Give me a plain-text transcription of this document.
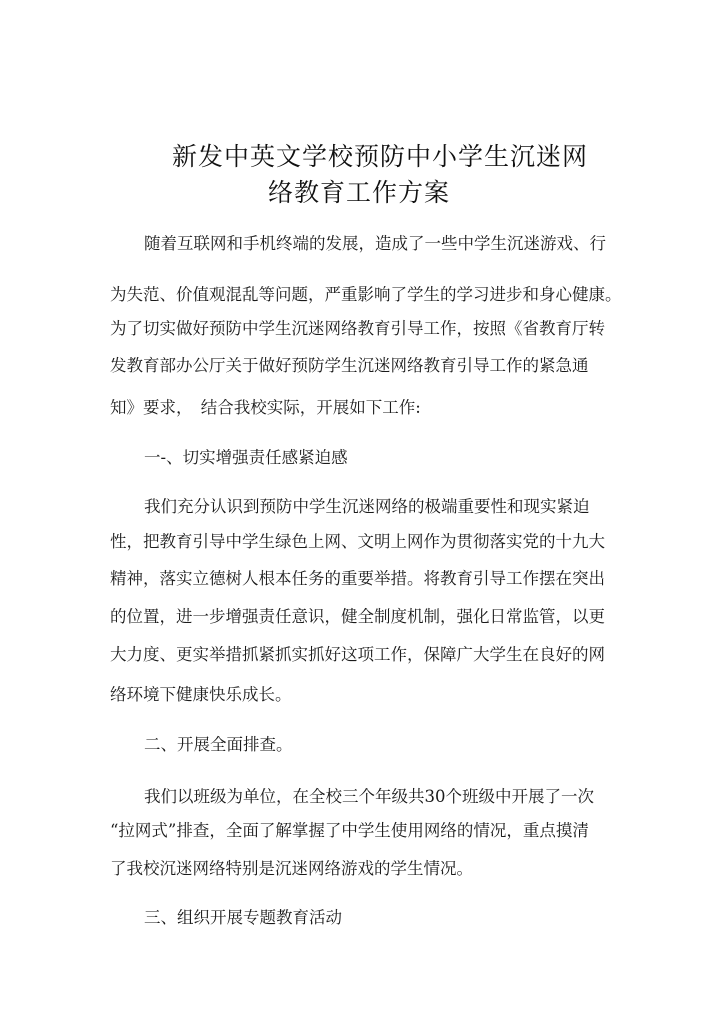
新发中英文学校预防中小学生沉迷网
络教育工作方案
随着互联网和手机终端的发展，造成了一些中学生沉迷游戏、行
为失范、价值观混乱等问题，严重影响了学生的学习进步和身心健康。
为了切实做好预防中学生沉迷网络教育引导工作，按照《省教育厅转
发教育部办公厅关于做好预防学生沉迷网络教育引导工作的紧急通
知》要求，　结合我校实际，开展如下工作:
一-、切实增强责任感紧迫感
我们充分认识到预防中学生沉迷网络的极端重要性和现实紧迫
性，把教育引导中学生绿色上网、文明上网作为贯彻落实党的十九大
精神，落实立德树人根本任务的重要举措。将教育引导工作摆在突出
的位置，进一步增强责任意识，健全制度机制，强化日常监管，以更
大力度、更实举措抓紧抓实抓好这项工作，保障广大学生在良好的网
络环境下健康快乐成长。
二、开展全面排查。
我们以班级为单位，在全校三个年级共30个班级中开展了一次
“拉网式”排查，全面了解掌握了中学生使用网络的情况，重点摸清
了我校沉迷网络特别是沉迷网络游戏的学生情况。
三、组织开展专题教育活动
